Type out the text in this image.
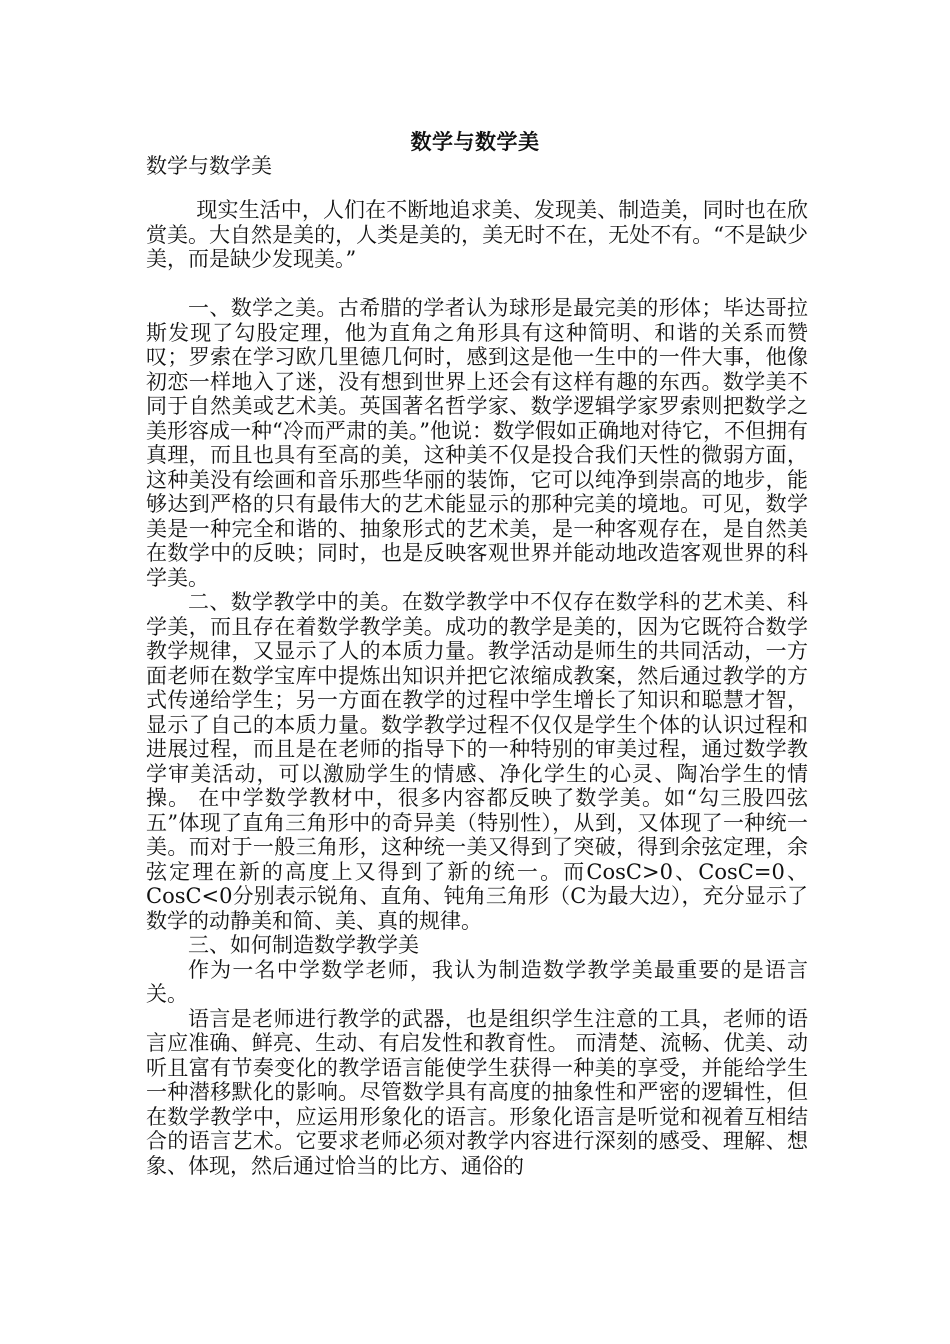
数学与数学美
数学与数学美

现实生活中，人们在不断地追求美、发现美、制造美，同时也在欣赏美。大自然是美的，人类是美的，美无时不在，无处不有。“不是缺少美，而是缺少发现美。”

一、数学之美。古希腊的学者认为球形是最完美的形体；毕达哥拉斯发现了勾股定理，他为直角之角形具有这种简明、和谐的关系而赞叹；罗索在学习欧几里德几何时，感到这是他一生中的一件大事，他像初恋一样地入了迷，没有想到世界上还会有这样有趣的东西。数学美不同于自然美或艺术美。英国著名哲学家、数学逻辑学家罗索则把数学之美形容成一种“冷而严肃的美。”他说：数学假如正确地对待它，不但拥有真理，而且也具有至高的美，这种美不仅是投合我们天性的微弱方面，这种美没有绘画和音乐那些华丽的装饰，它可以纯净到崇高的地步，能够达到严格的只有最伟大的艺术能显示的那种完美的境地。可见，数学美是一种完全和谐的、抽象形式的艺术美，是一种客观存在，是自然美在数学中的反映；同时，也是反映客观世界并能动地改造客观世界的科学美。

二、数学教学中的美。在数学教学中不仅存在数学科的艺术美、科学美，而且存在着数学教学美。成功的教学是美的，因为它既符合数学教学规律，又显示了人的本质力量。教学活动是师生的共同活动，一方面老师在数学宝库中提炼出知识并把它浓缩成教案，然后通过教学的方式传递给学生；另一方面在教学的过程中学生增长了知识和聪慧才智，显示了自己的本质力量。数学教学过程不仅仅是学生个体的认识过程和进展过程，而且是在老师的指导下的一种特别的审美过程，通过数学教学审美活动，可以激励学生的情感、净化学生的心灵、陶冶学生的情操。 在中学数学教材中，很多内容都反映了数学美。如“勾三股四弦五”体现了直角三角形中的奇异美（特别性），从到，又体现了一种统一美。而对于一般三角形，这种统一美又得到了突破，得到余弦定理，余弦定理在新的高度上又得到了新的统一。而CosC>0、CosC=0、CosC<0分别表示锐角、直角、钝角三角形（C为最大边），充分显示了数学的动静美和简、美、真的规律。

三、如何制造数学教学美

作为一名中学数学老师，我认为制造数学教学美最重要的是语言关。

语言是老师进行教学的武器，也是组织学生注意的工具，老师的语言应准确、鲜亮、生动、有启发性和教育性。 而清楚、流畅、优美、动听且富有节奏变化的教学语言能使学生获得一种美的享受，并能给学生一种潜移默化的影响。尽管数学具有高度的抽象性和严密的逻辑性，但在数学教学中，应运用形象化的语言。形象化语言是听觉和视着互相结合的语言艺术。它要求老师必须对教学内容进行深刻的感受、理解、想象、体现，然后通过恰当的比方、通俗的
